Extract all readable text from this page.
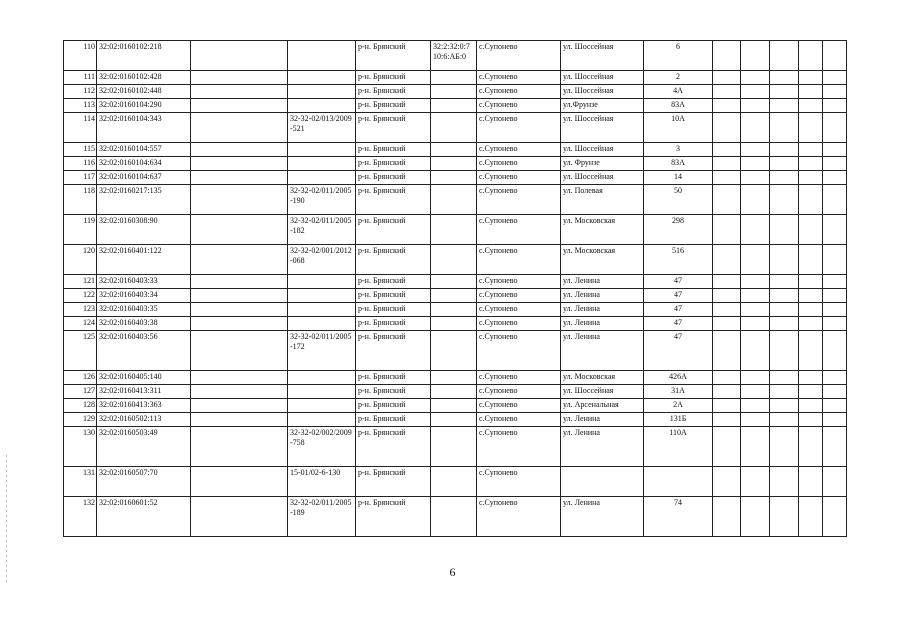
110	32:02:0160102:218			р-н. Брянский	32:2:32:0:7 10:6:АБ:0	с.Супонево	ул. Шоссейная	6					
111	32:02:0160102:428			р-н. Брянский		с.Супонево	ул. Шоссейная	2					
112	32:02:0160102:448			р-н. Брянский		с.Супонево	ул. Шоссейная	4А					
113	32:02:0160104:290			р-н. Брянский		с.Супонево	ул.Фрунзе	83А					
114	32:02:0160104:343		32-32-02/013/2009-521	р-н. Брянский		с.Супонево	ул. Шоссейная	10А					
115	32:02:0160104:557			р-н. Брянский		с.Супонево	ул. Шоссейная	3					
116	32:02:0160104:634			р-н. Брянский		с.Супонево	ул. Фрунзе	83А					
117	32:02:0160104:637			р-н. Брянский		с.Супонево	ул. Шоссейная	14					
118	32:02:0160217:135		32-32-02/011/2005-190	р-н. Брянский		с.Супонево	ул. Полевая	50					
119	32:02:0160308:90		32-32-02/011/2005-182	р-н. Брянский		с.Супонево	ул. Московская	298					
120	32:02:0160401:122		32-32-02/001/2012-068	р-н. Брянский		с.Супонево	ул. Московская	516					
121	32:02:0160403:33			р-н. Брянский		с.Супонево	ул. Ленина	47					
122	32:02:0160403:34			р-н. Брянский		с.Супонево	ул. Ленина	47					
123	32:02:0160403:35			р-н. Брянский		с.Супонево	ул. Ленина	47					
124	32:02:0160403:38			р-н. Брянский		с.Супонево	ул. Ленина	47					
125	32:02:0160403:56		32-32-02/011/2005-172	р-н. Брянский		с.Супонево	ул. Ленина	47					
126	32:02:0160405:140			р-н. Брянский		с.Супонево	ул. Московская	426А					
127	32:02:0160413:311			р-н. Брянский		с.Супонево	ул. Шоссейная	31А					
128	32:02:0160413:363			р-н. Брянский		с.Супонево	ул. Арсенальная	2А					
129	32:02:0160502:113			р-н. Брянский		с.Супонево	ул. Ленина	131Б					
130	32:02:0160503:49		32-32-02/002/2009-758	р-н. Брянский		с.Супонево	ул. Ленина	110А					
131	32:02:0160507:70		15-01/02-6-130	р-н. Брянский		с.Супонево							
132	32:02:0160601:52		32-32-02/011/2005-189	р-н. Брянский		с.Супонево	ул. Ленина	74					
6
